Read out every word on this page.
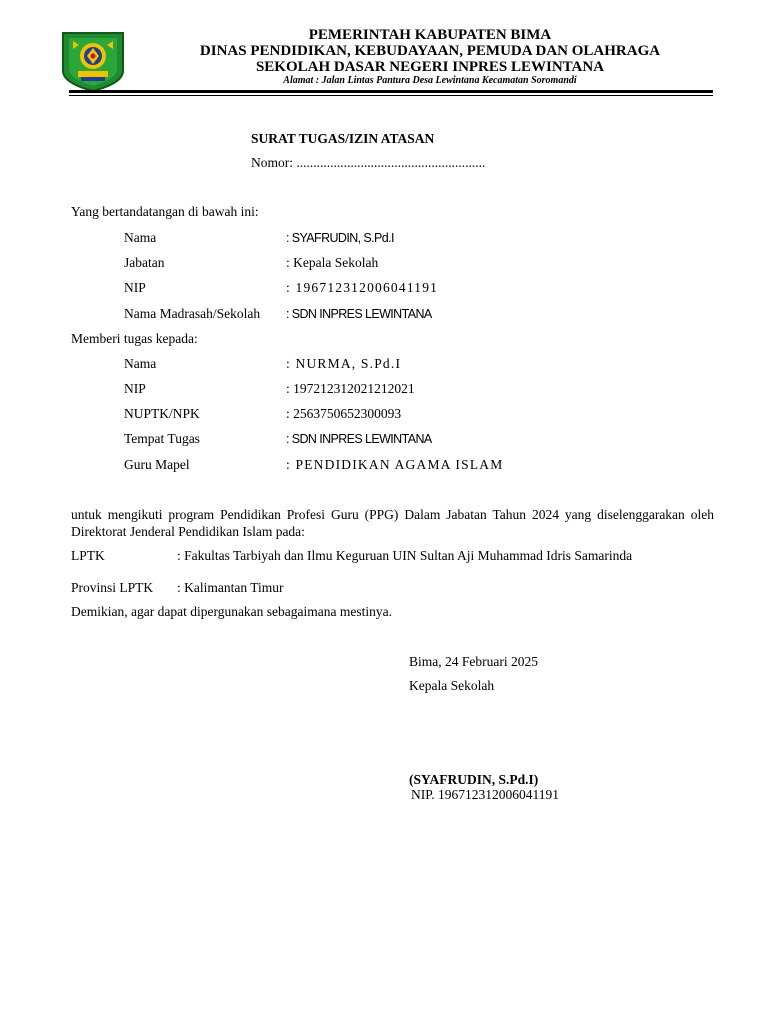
PEMERINTAH KABUPATEN BIMA
DINAS PENDIDIKAN, KEBUDAYAAN, PEMUDA DAN OLAHRAGA
SEKOLAH DASAR NEGERI INPRES LEWINTANA
Alamat : Jalan Lintas Pantura Desa Lewintana Kecamatan Soromandi
SURAT TUGAS/IZIN ATASAN
Nomor: ........................................................
Yang bertandatangan di bawah ini:
Nama	: SYAFRUDIN, S.Pd.I
Jabatan	: Kepala Sekolah
NIP	: 196712312006041191
Nama Madrasah/Sekolah : SDN INPRES LEWINTANA
Memberi tugas kepada:
Nama	: NURMA, S.Pd.I
NIP	: 197212312021212021
NUPTK/NPK	: 2563750652300093
Tempat Tugas	: SDN INPRES LEWINTANA
Guru Mapel	: PENDIDIKAN AGAMA ISLAM
untuk mengikuti program Pendidikan Profesi Guru (PPG) Dalam Jabatan Tahun 2024 yang diselenggarakan oleh Direktorat Jenderal Pendidikan Islam pada:
LPTK	: Fakultas Tarbiyah dan Ilmu Keguruan UIN Sultan Aji Muhammad Idris Samarinda
Provinsi LPTK : Kalimantan Timur
Demikian, agar dapat dipergunakan sebagaimana mestinya.
Bima, 24 Februari 2025
Kepala Sekolah
(SYAFRUDIN, S.Pd.I)
NIP. 196712312006041191
